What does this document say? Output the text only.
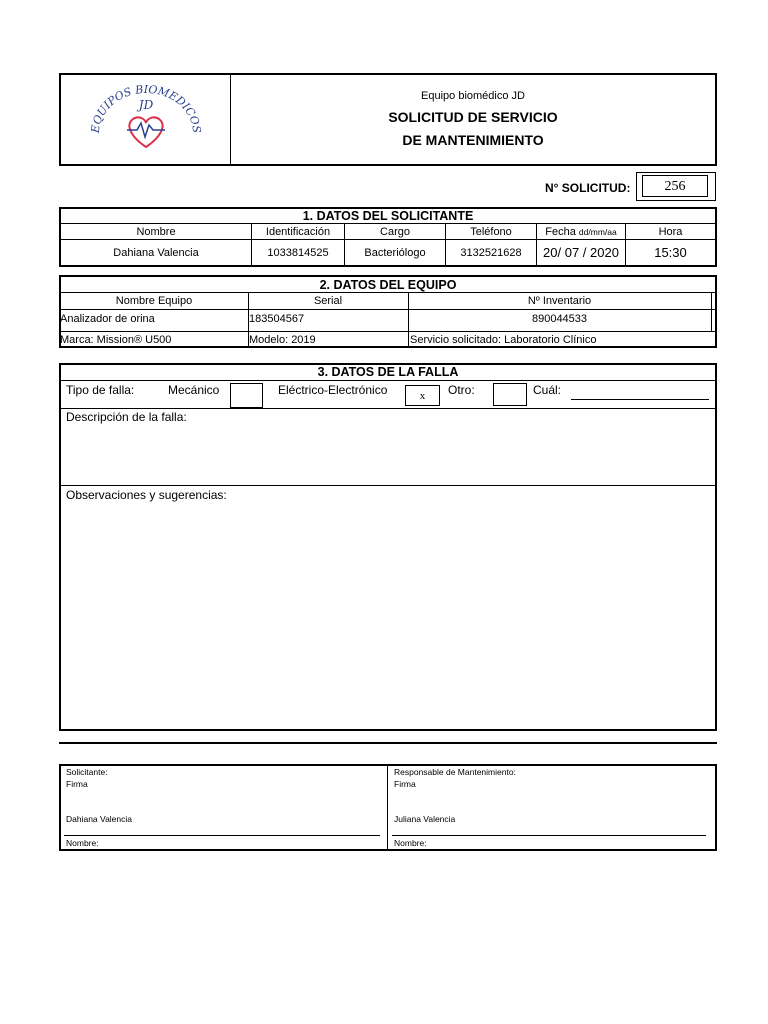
EQUIPOS BIOMEDICOS
JD
Equipo biomédico JD
SOLICITUD DE SERVICIO
DE MANTENIMIENTO
N° SOLICITUD:	256
1. DATOS DEL SOLICITANTE
Nombre	Identificación	Cargo	Teléfono	Fecha dd/mm/aa	Hora
Dahiana Valencia	1033814525	Bacteriólogo	3132521628	20/ 07 / 2020	15:30
2. DATOS DEL EQUIPO
Nombre Equipo	Serial	Nº Inventario
Analizador de orina	183504567	890044533
Marca: Mission® U500	Modelo: 2019	Servicio solicitado: Laboratorio Clínico
3. DATOS DE LA FALLA
Tipo de falla:	Mecánico	Eléctrico-Electrónico	x	Otro:	Cuál:
Descripción de la falla:
Observaciones y sugerencias:
Solicitante:
Firma
Dahiana Valencia
Nombre:
Responsable de Mantenimiento:
Firma
Juliana Valencia
Nombre:
